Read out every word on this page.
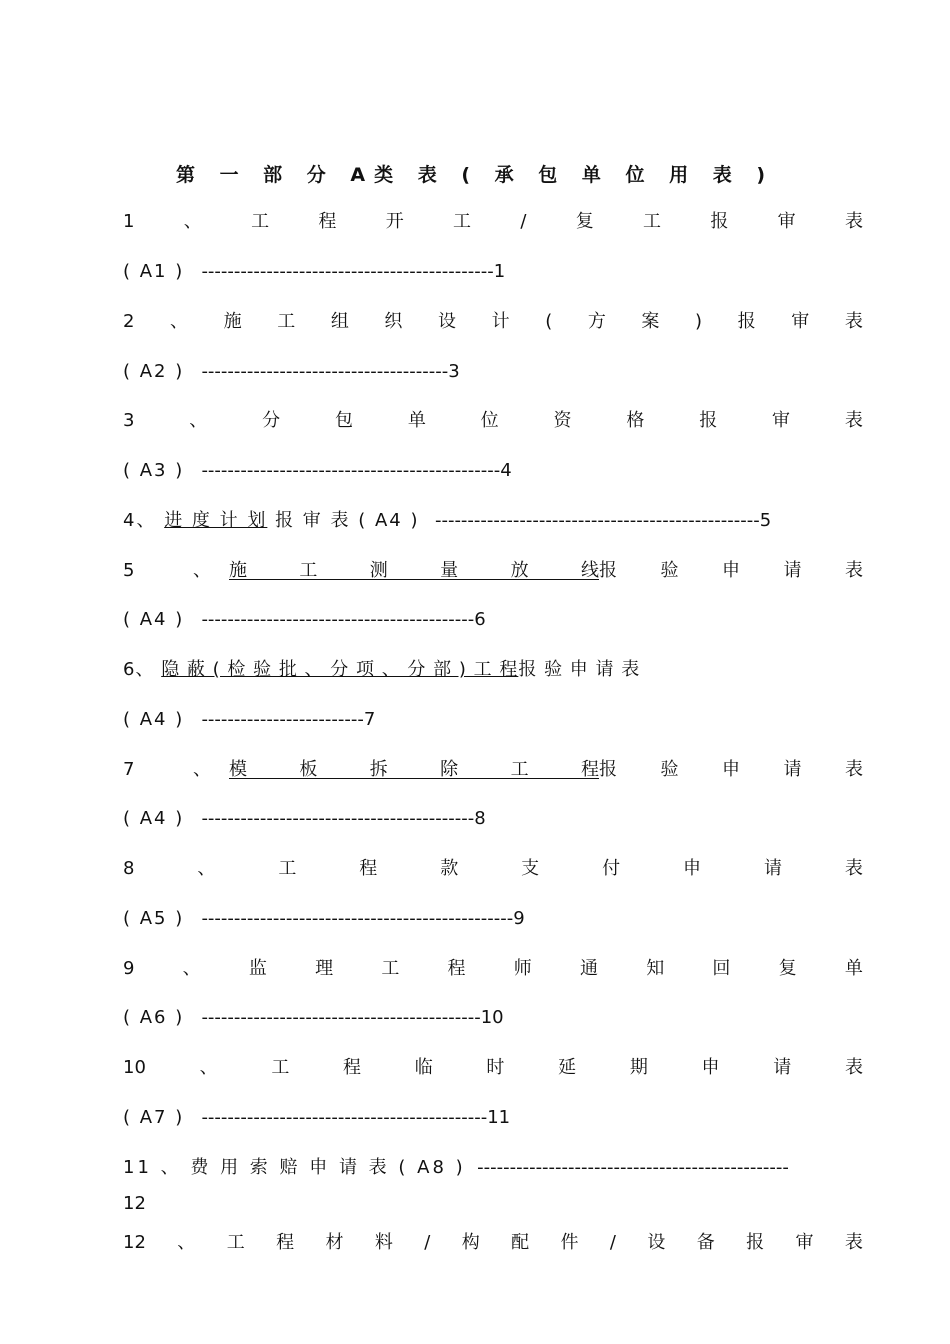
第 一 部 分 A类 表 ( 承 包 单 位 用 表 )
1	、	工	程	开	工	/	复	工	报	审	表
( A1 ) ---------------------------------------------1
2 、 施 工 组 织 设 计 ( 方 案 ) 报 审 表
( A2 ) --------------------------------------3
3	、	分	包	单	位	资	格	报	审	表
( A3 ) ----------------------------------------------4
4、 进 度 计 划 报 审 表 ( A4 ) --------------------------------------------------5
5	、 施	工	测	量	放	线 报 验 申 请 表
( A4 ) ------------------------------------------6
6、 隐 蔽 ( 检 验 批 、 分 项 、 分 部 ) 工 程报 验 申 请 表
( A4 ) -------------------------7
7	、 模	板	拆	除	工	程 报 验 申 请 表
( A4 ) ------------------------------------------8
8	、	工	程	款	支	付	申	请	表
( A5 ) ------------------------------------------------9
9	、	监	理	工	程	师	通	知	回	复	单
( A6 ) -------------------------------------------10
10	、	工	程	临	时	延	期	申	请	表
( A7 ) --------------------------------------------11
11 、 费 用 索 赔 申 请 表 ( A8 ) ------------------------------------------------
12
12 、 工 程 材 料 / 构 配 件 / 设 备 报 审 表
